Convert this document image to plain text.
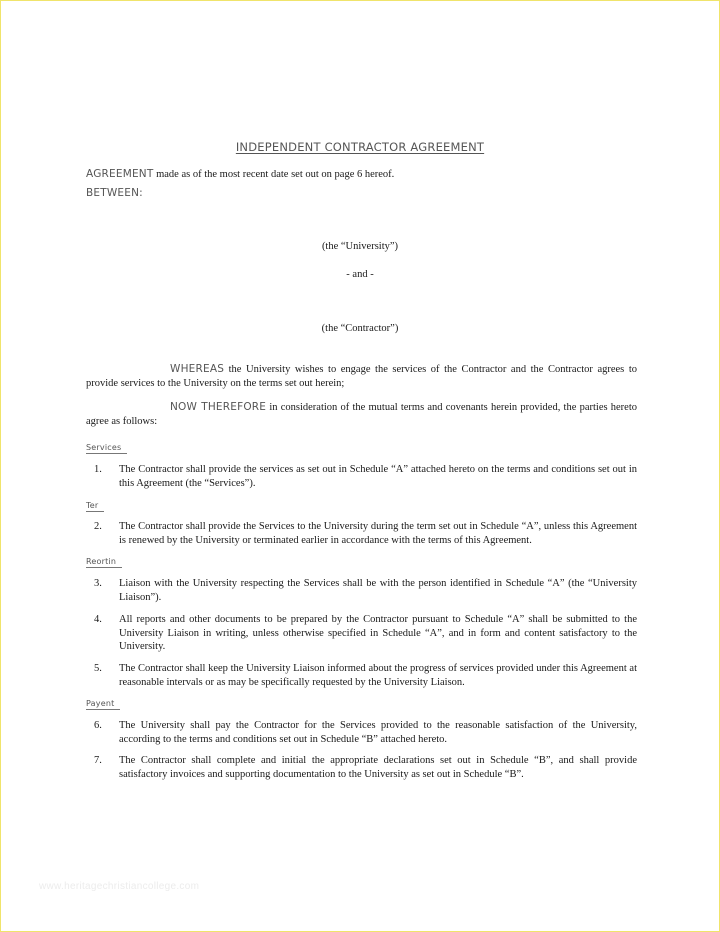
INDEPENDENT CONTRACTOR AGREEMENT
AGREEMENT made as of the most recent date set out on page 6 hereof.
BETWEEN:
(the “University”)
- and -
(the “Contractor”)
WHEREAS the University wishes to engage the services of the Contractor and the Contractor agrees to provide services to the University on the terms set out herein;
NOW THEREFORE in consideration of the mutual terms and covenants herein provided, the parties hereto agree as follows:
Services
1.	The Contractor shall provide the services as set out in Schedule “A” attached hereto on the terms and conditions set out in this Agreement (the “Services”).
Ter
2.	The Contractor shall provide the Services to the University during the term set out in Schedule “A”, unless this Agreement is renewed by the University or terminated earlier in accordance with the terms of this Agreement.
Reortin
3.	Liaison with the University respecting the Services shall be with the person identified in Schedule “A” (the “University Liaison”).
4.	All reports and other documents to be prepared by the Contractor pursuant to Schedule “A” shall be submitted to the University Liaison in writing, unless otherwise specified in Schedule “A”, and in form and content satisfactory to the University.
5.	The Contractor shall keep the University Liaison informed about the progress of services provided under this Agreement at reasonable intervals or as may be specifically requested by the University Liaison.
Payent
6.	The University shall pay the Contractor for the Services provided to the reasonable satisfaction of the University, according to the terms and conditions set out in Schedule “B” attached hereto.
7.	The Contractor shall complete and initial the appropriate declarations set out in Schedule “B”, and shall provide satisfactory invoices and supporting documentation to the University as set out in Schedule “B”.
www.heritagechristiancollege.com
